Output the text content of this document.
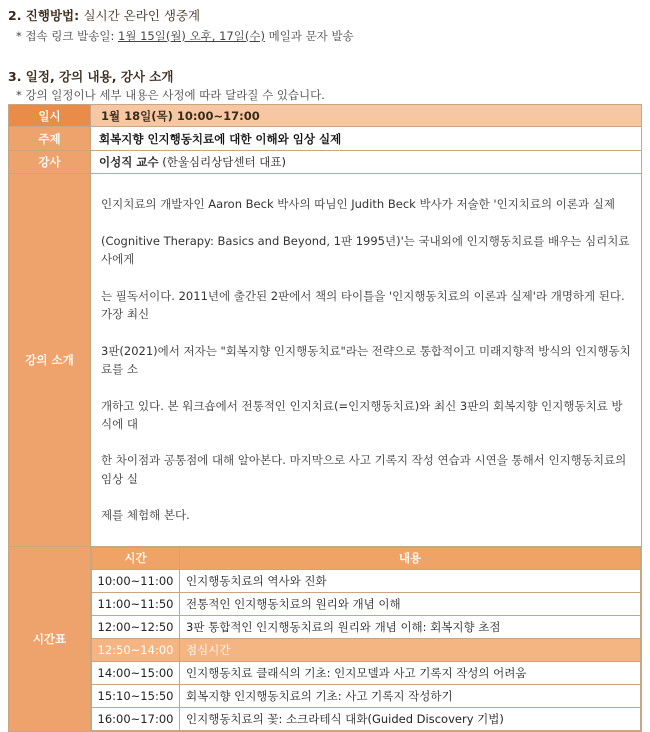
2. 진행방법: 실시간 온라인 생중계
* 접속 링크 발송일: 1월 15일(월) 오후, 17일(수) 메일과 문자 발송
3. 일정, 강의 내용, 강사 소개
* 강의 일정이나 세부 내용은 사정에 따라 달라질 수 있습니다.
일시	1월 18일(목) 10:00~17:00
주제	회복지향 인지행동치료에 대한 이해와 임상 실제
강사	이성직 교수 (한울심리상담센터 대표)
강의 소개	

인지치료의 개발자인 Aaron Beck 박사의 따님인 Judith Beck 박사가 저술한 '인지치료의 이론과 실제

(Cognitive Therapy: Basics and Beyond, 1판 1995년)'는 국내외에 인지행동치료를 배우는 심리치료사에게

는 필독서이다. 2011년에 출간된 2판에서 책의 타이틀을 '인지행동치료의 이론과 실제'라 개명하게 된다. 가장 최신

3판(2021)에서 저자는 "회복지향 인지행동치료"라는 전략으로 통합적이고 미래지향적 방식의 인지행동치료를 소

개하고 있다. 본 워크숍에서 전통적인 인지치료(=인지행동치료)와 최신 3판의 회복지향 인지행동치료 방식에 대

한 차이점과 공통점에 대해 알아본다. 마지막으로 사고 기록지 작성 연습과 시연을 통해서 인지행동치료의 임상 실

제를 체험해 본다.

시간표	
시간	내용
10:00~11:00	인지행동치료의 역사와 진화
11:00~11:50	전통적인 인지행동치료의 원리와 개념 이해
12:00~12:50	3판 통합적인 인지행동치료의 원리와 개념 이해: 회복지향 초점
12:50~14:00	점심시간
14:00~15:00	인지행동치료 클래식의 기초: 인지모델과 사고 기록지 작성의 어려움
15:10~15:50	회복지향 인지행동치료의 기초: 사고 기록지 작성하기
16:00~17:00	인지행동치료의 꽃: 소크라테식 대화(Guided Discovery 기법)
